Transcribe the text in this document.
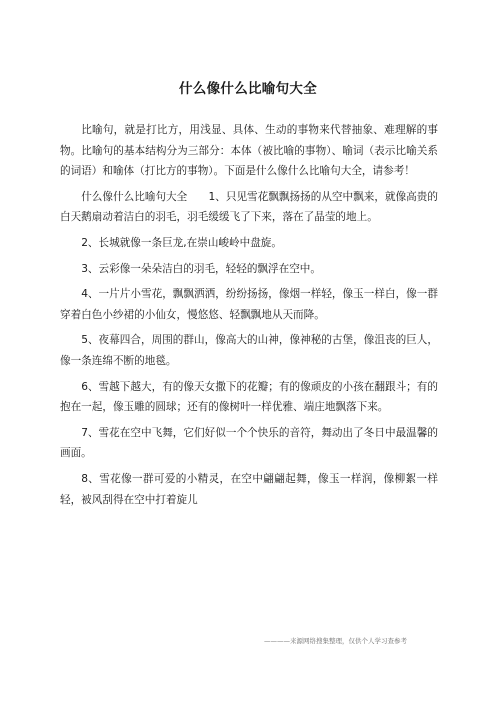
什么像什么比喻句大全

比喻句，就是打比方，用浅显、具体、生动的事物来代替抽象、难理解的事物。比喻句的基本结构分为三部分：本体（被比喻的事物）、喻词（表示比喻关系的词语）和喻体（打比方的事物）。下面是什么像什么比喻句大全，请参考！

什么像什么比喻句大全　　1、只见雪花飘飘扬扬的从空中飘来，就像高贵的白天鹅扇动着洁白的羽毛，羽毛缓缓飞了下来，落在了晶莹的地上。

2、长城就像一条巨龙,在崇山峻岭中盘旋。

3、云彩像一朵朵洁白的羽毛，轻轻的飘浮在空中。

4、一片片小雪花，飘飘洒洒，纷纷扬扬，像烟一样轻，像玉一样白，像一群穿着白色小纱裙的小仙女，慢悠悠、轻飘飘地从天而降。

5、夜幕四合，周围的群山，像高大的山神，像神秘的古堡，像沮丧的巨人，像一条连绵不断的地毯。

6、雪越下越大，有的像天女撒下的花瓣；有的像顽皮的小孩在翻跟斗；有的抱在一起，像玉雕的圆球；还有的像树叶一样优雅、端庄地飘落下来。

7、雪花在空中飞舞，它们好似一个个快乐的音符，舞动出了冬日中最温馨的画面。

8、雪花像一群可爱的小精灵，在空中翩翩起舞，像玉一样润，像柳絮一样轻，被风刮得在空中打着旋儿

————来源网络搜集整理，仅供个人学习查参考
